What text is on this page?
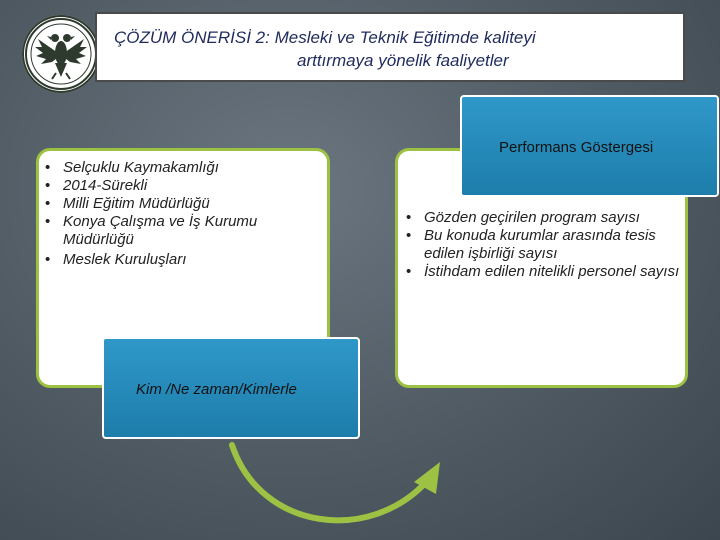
ÇÖZÜM ÖNERİSİ 2: Mesleki ve Teknik Eğitimde kaliteyi
arttırmaya yönelik faaliyetler
• Selçuklu Kaymakamlığı
• 2014-Sürekli
• Milli Eğitim Müdürlüğü
• Konya Çalışma ve İş Kurumu Müdürlüğü
• Meslek Kuruluşları
• Gözden geçirilen program sayısı
• Bu konuda kurumlar arasında tesis edilen işbirliği sayısı
• İstihdam edilen nitelikli personel sayısı
Performans Göstergesi
Kim /Ne zaman/Kimlerle
